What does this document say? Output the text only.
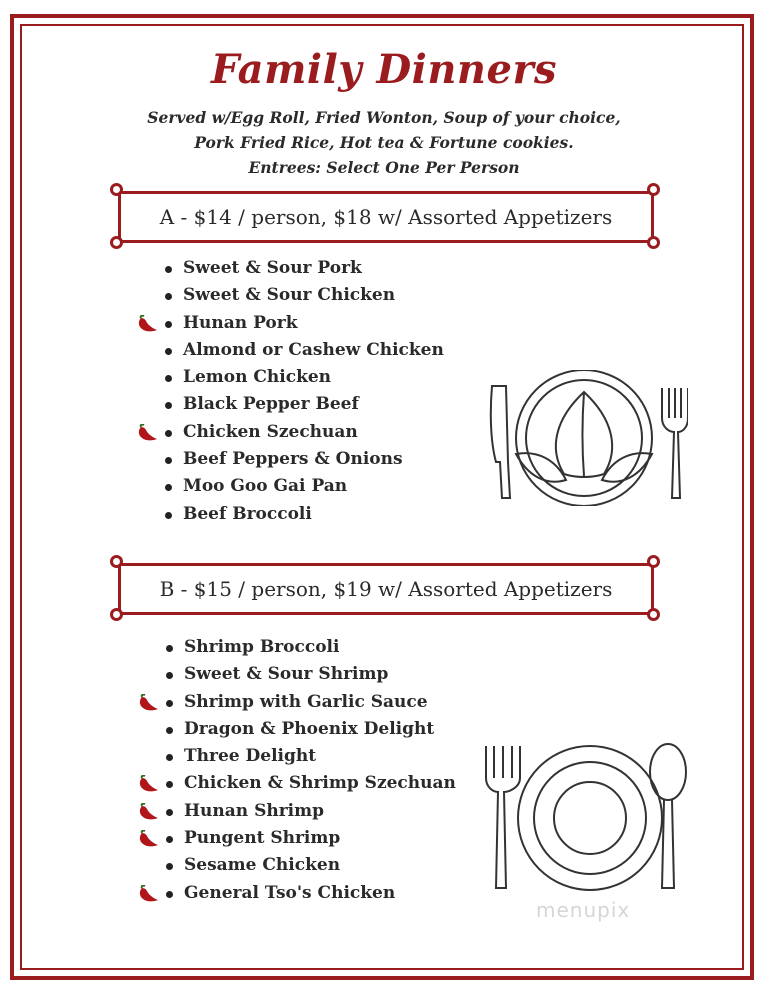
Family Dinners
Served w/Egg Roll, Fried Wonton, Soup of your choice,
Pork Fried Rice, Hot tea & Fortune cookies.
Entrees: Select One Per Person
A - $14 / person, $18 w/ Assorted Appetizers
Sweet & Sour Pork
Sweet & Sour Chicken
Hunan Pork
Almond or Cashew Chicken
Lemon Chicken
Black Pepper Beef
Chicken Szechuan
Beef Peppers & Onions
Moo Goo Gai Pan
Beef Broccoli
B - $15 / person, $19 w/ Assorted Appetizers
Shrimp Broccoli
Sweet & Sour Shrimp
Shrimp with Garlic Sauce
Dragon & Phoenix Delight
Three Delight
Chicken & Shrimp Szechuan
Hunan Shrimp
Pungent Shrimp
Sesame Chicken
General Tso's Chicken
menupix
